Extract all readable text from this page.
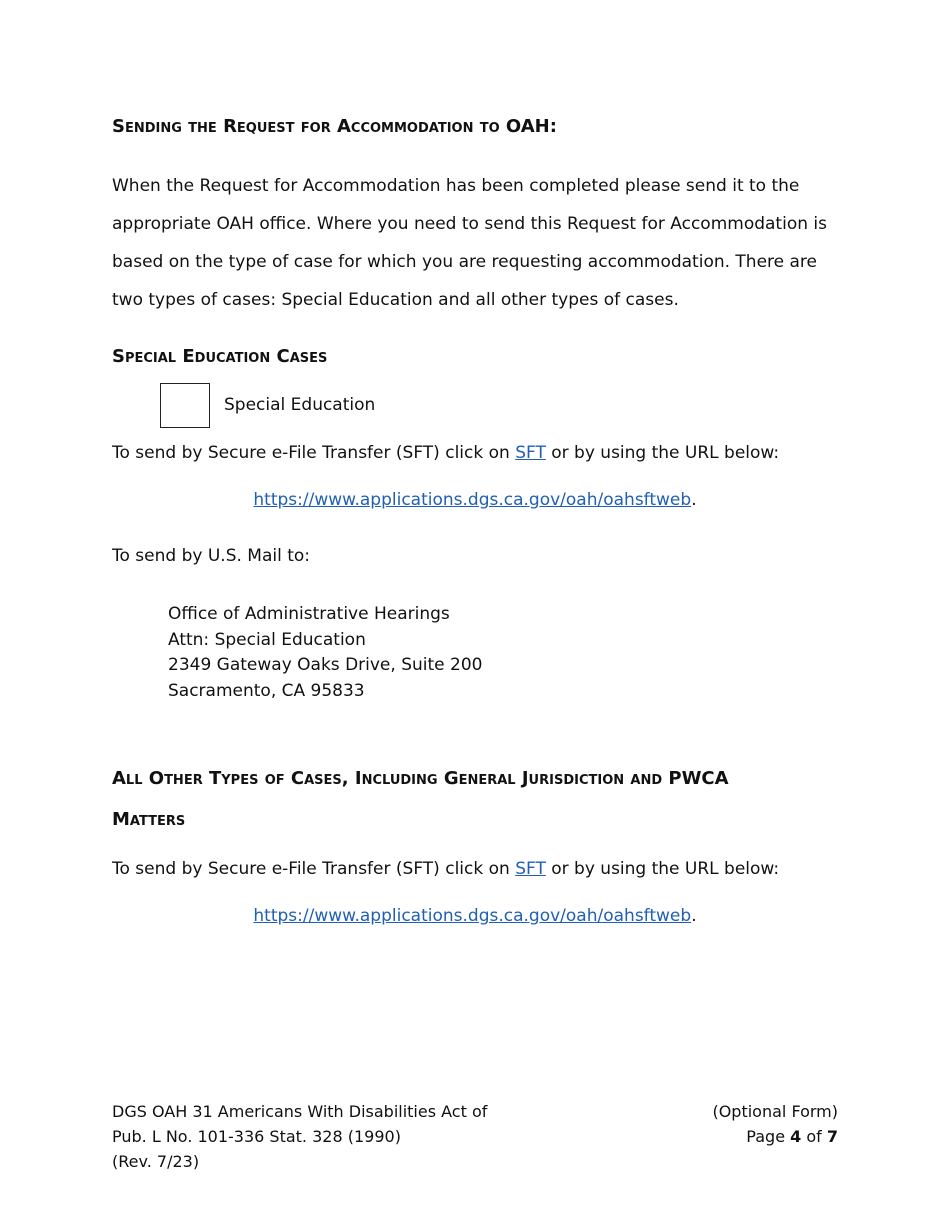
Sending the Request for Accommodation to OAH:

When the Request for Accommodation has been completed please send it to the appropriate OAH office. Where you need to send this Request for Accommodation is based on the type of case for which you are requesting accommodation. There are two types of cases: Special Education and all other types of cases.

Special Education Cases
Special Education
To send by Secure e-File Transfer (SFT) click on SFT or by using the URL below:
https://www.applications.dgs.ca.gov/oah/oahsftweb.
To send by U.S. Mail to:
Office of Administrative Hearings
Attn: Special Education
2349 Gateway Oaks Drive, Suite 200
Sacramento, CA 95833
All Other Types of Cases, Including General Jurisdiction and PWCA
Matters
To send by Secure e-File Transfer (SFT) click on SFT or by using the URL below:
https://www.applications.dgs.ca.gov/oah/oahsftweb.
DGS OAH 31 Americans With Disabilities Act of
Pub. L No. 101-336 Stat. 328 (1990)
(Rev. 7/23)
(Optional Form)
Page 4 of 7
